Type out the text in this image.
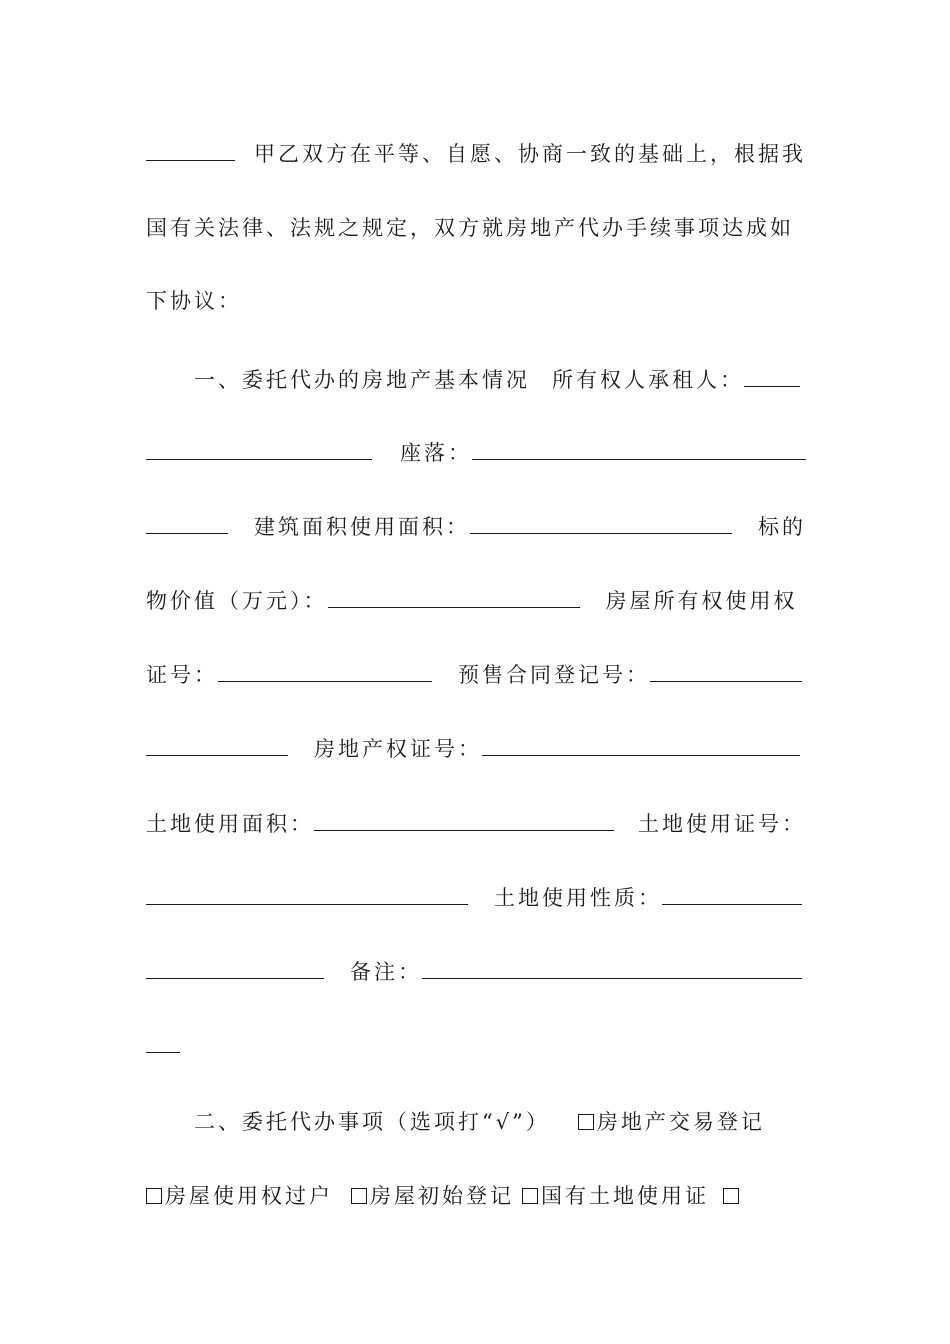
甲乙双方在平等、自愿、协商一致的基础上，根据我
国有关法律、法规之规定，双方就房地产代办手续事项达成如
下协议：
一、委托代办的房地产基本情况 所有权人承租人：
座落：
建筑面积使用面积：	标的
物价值（万元）：	房屋所有权使用权
证号：	预售合同登记号：
房地产权证号：
土地使用面积：	土地使用证号：
土地使用性质：
备注：
二、委托代办事项（选项打“√”） 房地产交易登记
房屋使用权过户 房屋初始登记 国有土地使用证
